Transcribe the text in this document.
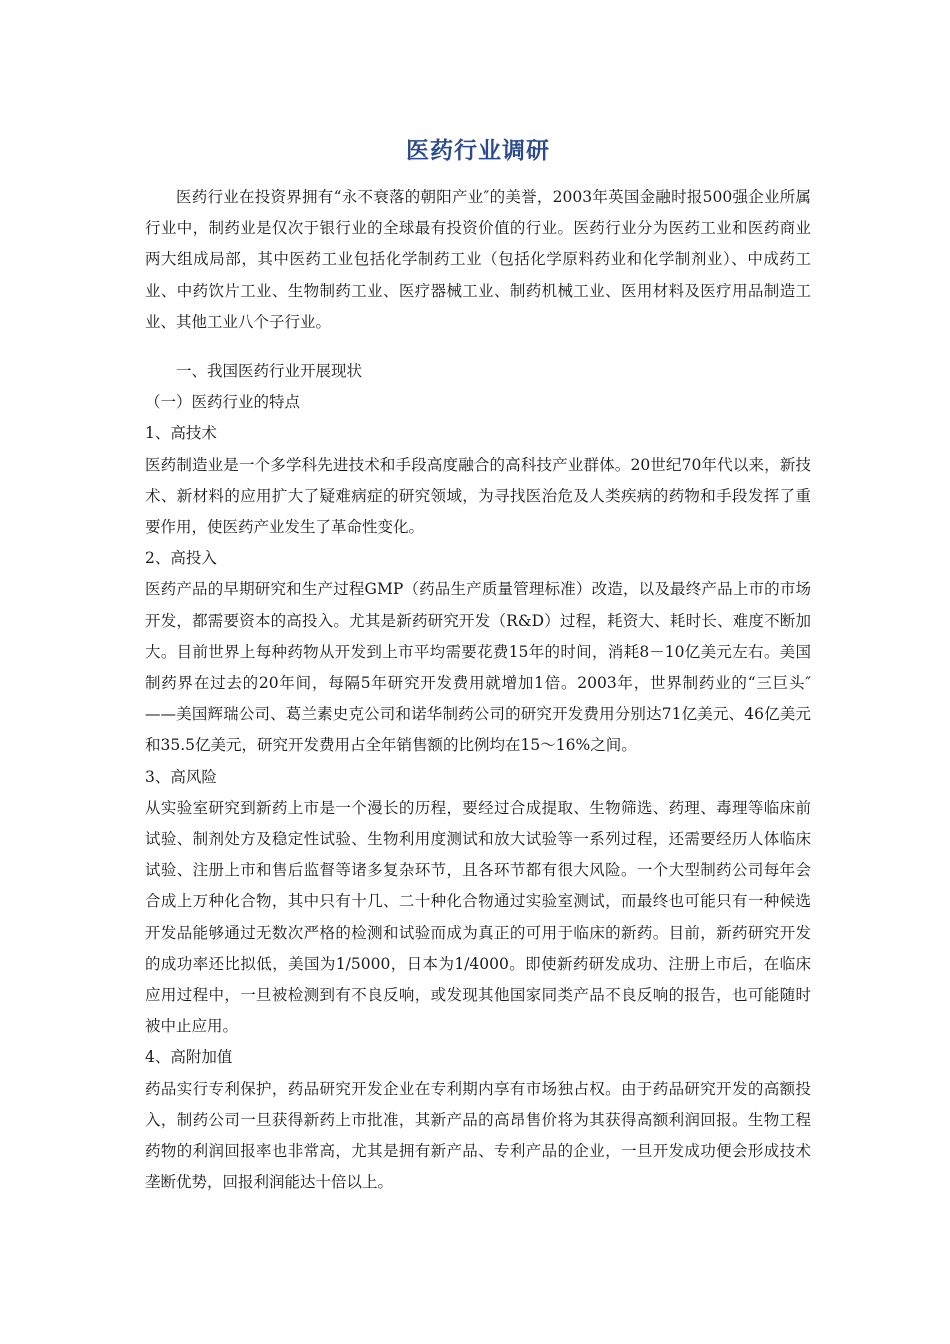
医药行业调研

医药行业在投资界拥有“永不衰落的朝阳产业″的美誉，2003年英国金融时报500强企业所属行业中，制药业是仅次于银行业的全球最有投资价值的行业。医药行业分为医药工业和医药商业两大组成局部，其中医药工业包括化学制药工业（包括化学原料药业和化学制剂业）、中成药工业、中药饮片工业、生物制药工业、医疗器械工业、制药机械工业、医用材料及医疗用品制造工业、其他工业八个子行业。

一、我国医药行业开展现状

（一）医药行业的特点

1、高技术

医药制造业是一个多学科先进技术和手段高度融合的高科技产业群体。20世纪70年代以来，新技术、新材料的应用扩大了疑难病症的研究领域，为寻找医治危及人类疾病的药物和手段发挥了重要作用，使医药产业发生了革命性变化。

2、高投入

医药产品的早期研究和生产过程GMP（药品生产质量管理标准）改造，以及最终产品上市的市场开发，都需要资本的高投入。尤其是新药研究开发（R&D）过程，耗资大、耗时长、难度不断加大。目前世界上每种药物从开发到上市平均需要花费15年的时间，消耗8－10亿美元左右。美国制药界在过去的20年间，每隔5年研究开发费用就增加1倍。2003年，世界制药业的“三巨头″——美国辉瑞公司、葛兰素史克公司和诺华制药公司的研究开发费用分别达71亿美元、46亿美元和35.5亿美元，研究开发费用占全年销售额的比例均在15～16%之间。

3、高风险

从实验室研究到新药上市是一个漫长的历程，要经过合成提取、生物筛选、药理、毒理等临床前试验、制剂处方及稳定性试验、生物利用度测试和放大试验等一系列过程，还需要经历人体临床试验、注册上市和售后监督等诸多复杂环节，且各环节都有很大风险。一个大型制药公司每年会合成上万种化合物，其中只有十几、二十种化合物通过实验室测试，而最终也可能只有一种候选开发品能够通过无数次严格的检测和试验而成为真正的可用于临床的新药。目前，新药研究开发的成功率还比拟低，美国为1/5000，日本为1/4000。即使新药研发成功、注册上市后，在临床应用过程中，一旦被检测到有不良反响，或发现其他国家同类产品不良反响的报告，也可能随时被中止应用。

4、高附加值

药品实行专利保护，药品研究开发企业在专利期内享有市场独占权。由于药品研究开发的高额投入，制药公司一旦获得新药上市批准，其新产品的高昂售价将为其获得高额利润回报。生物工程药物的利润回报率也非常高，尤其是拥有新产品、专利产品的企业，一旦开发成功便会形成技术垄断优势，回报利润能达十倍以上。
